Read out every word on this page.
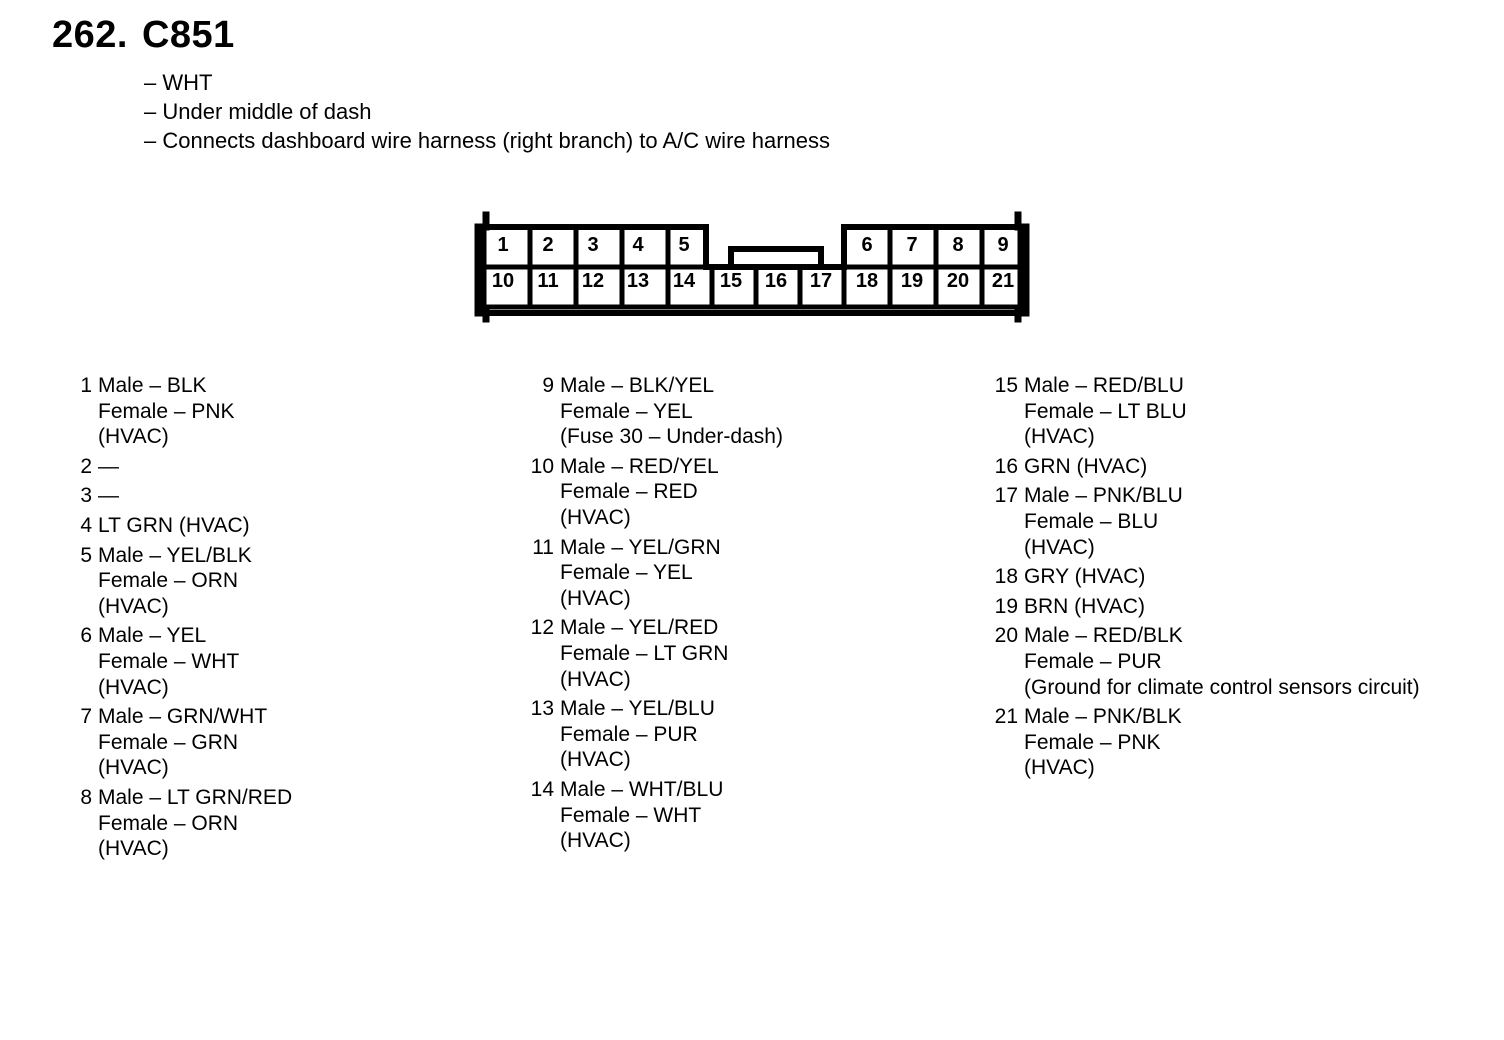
262. C851
– WHT
– Under middle of dash
– Connects dashboard wire harness (right branch) to A/C wire harness
1 2 3 4 5	6 7 8 9
10 11 12 13 14 15 16 17 18 19 20 21
1 Male – BLK
Female – PNK
(HVAC)
2 —
3 —
4 LT GRN (HVAC)
5 Male – YEL/BLK
Female – ORN
(HVAC)
6 Male – YEL
Female – WHT
(HVAC)
7 Male – GRN/WHT
Female – GRN
(HVAC)
8 Male – LT GRN/RED
Female – ORN
(HVAC)
9 Male – BLK/YEL
Female – YEL
(Fuse 30 – Under-dash)
10 Male – RED/YEL
Female – RED
(HVAC)
11 Male – YEL/GRN
Female – YEL
(HVAC)
12 Male – YEL/RED
Female – LT GRN
(HVAC)
13 Male – YEL/BLU
Female – PUR
(HVAC)
14 Male – WHT/BLU
Female – WHT
(HVAC)
15 Male – RED/BLU
Female – LT BLU
(HVAC)
16 GRN (HVAC)
17 Male – PNK/BLU
Female – BLU
(HVAC)
18 GRY (HVAC)
19 BRN (HVAC)
20 Male – RED/BLK
Female – PUR
(Ground for climate control sensors circuit)
21 Male – PNK/BLK
Female – PNK
(HVAC)
